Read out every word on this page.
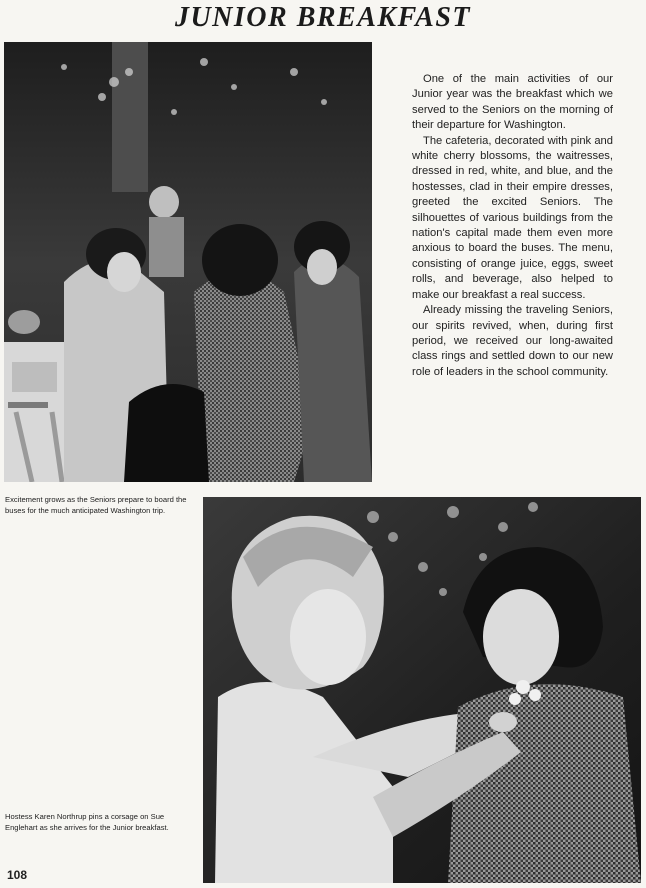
JUNIOR BREAKFAST

One of the main activities of our Junior year was the breakfast which we served to the Seniors on the morning of their departure for Washington.

The cafeteria, decorated with pink and white cherry blossoms, the waitresses, dressed in red, white, and blue, and the hostesses, clad in their empire dresses, greeted the excited Seniors. The silhouettes of various buildings from the nation's capital made them even more anxious to board the buses. The menu, consisting of orange juice, eggs, sweet rolls, and beverage, also helped to make our breakfast a real success.

Already missing the traveling Seniors, our spirits revived, when, during first period, we received our long-awaited class rings and settled down to our new role of leaders in the school community.

Excitement grows as the Seniors prepare to board the buses for the much anticipated Washington trip.
Hostess Karen Northrup pins a corsage on Sue Englehart as she arrives for the Junior breakfast.
108
